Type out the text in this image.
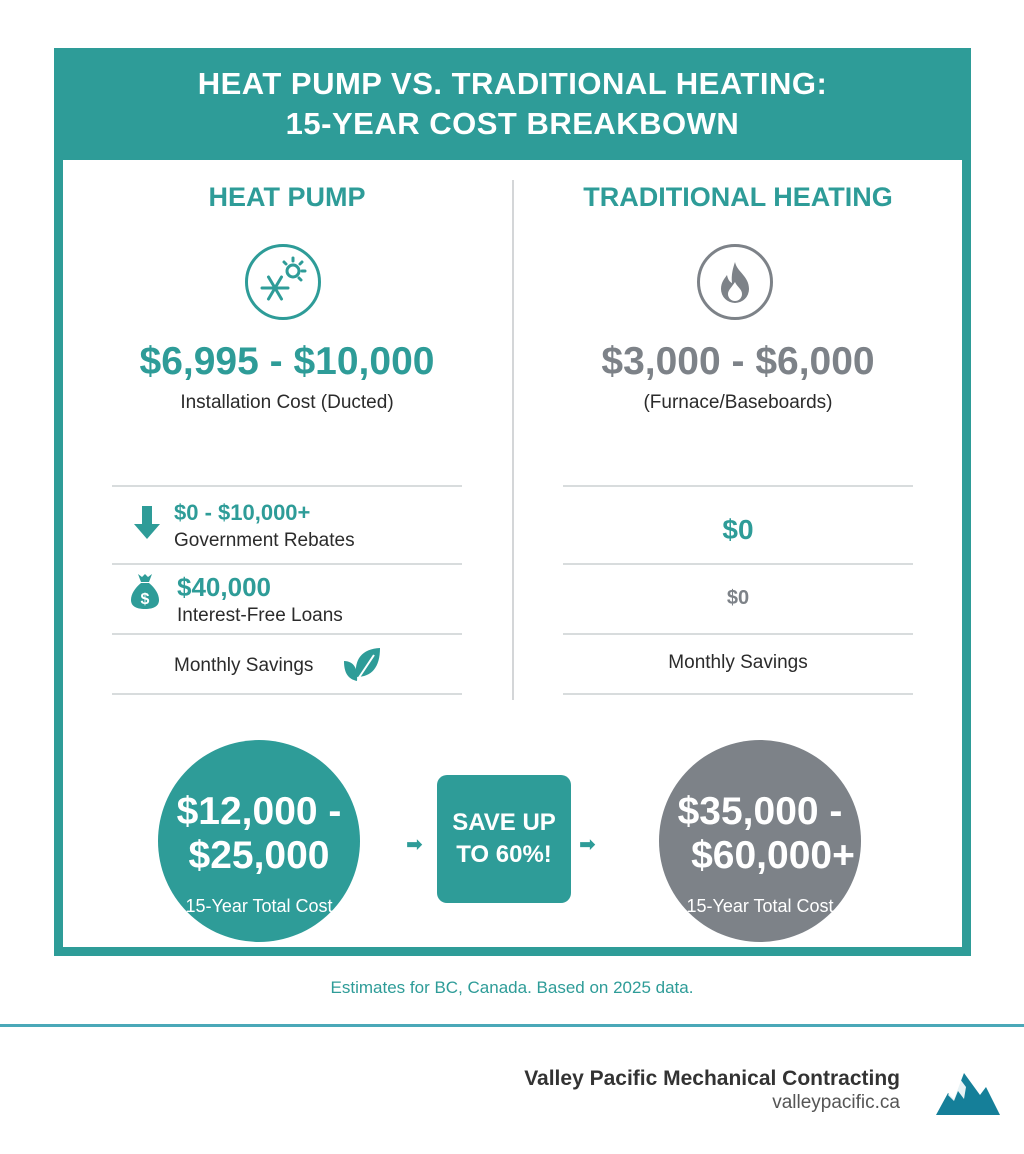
HEAT PUMP VS. TRADITIONAL HEATING:
15-YEAR COST BREAKBOWN
HEAT PUMP	TRADITIONAL HEATING
$6,995 - $10,000
Installation Cost (Ducted)
$3,000 - $6,000
(Furnace/Baseboards)
$0 - $10,000+
Government Rebates
$ $40,000
Interest-Free Loans
Monthly Savings
$0
$0
Monthly Savings
$12,000 -
$25,000
15-Year Total Cost
➡
SAVE UP
TO 60%!	➡
$35,000 -
$60,000+
15-Year Total Cost
Estimates for BC, Canada. Based on 2025 data.
Valley Pacific Mechanical Contracting
valleypacific.ca
